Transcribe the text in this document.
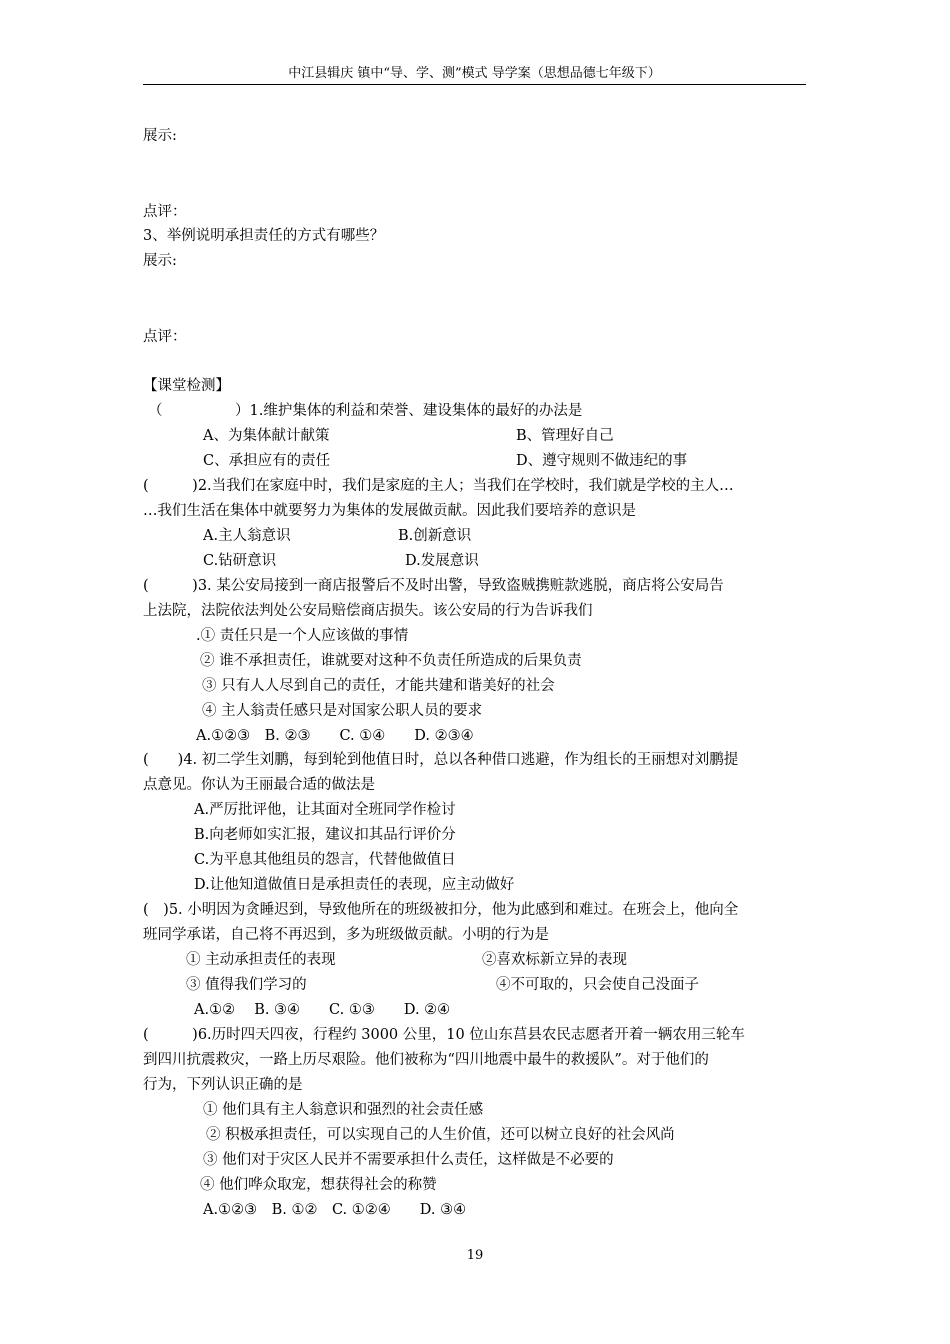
中江县辑庆 镇中“导、学、测”模式 导学案（思想品德七年级下）
展示:
点评：
3、举例说明承担责任的方式有哪些？
展示:
点评：
【课堂检测】
（　　　　　）1.维护集体的利益和荣誉、建设集体的最好的办法是
A、为集体献计献策	B、管理好自己
C、承担应有的责任	D、遵守规则不做违纪的事
(　　　)2.当我们在家庭中时，我们是家庭的主人；当我们在学校时，我们就是学校的主人…
…我们生活在集体中就要努力为集体的发展做贡献。因此我们要培养的意识是
A.主人翁意识	B.创新意识
C.钻研意识	D.发展意识
(　　　)3. 某公安局接到一商店报警后不及时出警，导致盗贼携赃款逃脱，商店将公安局告
上法院，法院依法判处公安局赔偿商店损失。该公安局的行为告诉我们
.① 责任只是一个人应该做的事情
② 谁不承担责任，谁就要对这种不负责任所造成的后果负责
③ 只有人人尽到自己的责任，才能共建和谐美好的社会
④ 主人翁责任感只是对国家公职人员的要求
A.①②③　B. ②③　　C. ①④　　D. ②③④
(　　)4. 初二学生刘鹏，每到轮到他值日时，总以各种借口逃避，作为组长的王丽想对刘鹏提
点意见。你认为王丽最合适的做法是
A.严厉批评他，让其面对全班同学作检讨
B.向老师如实汇报，建议扣其品行评价分
C.为平息其他组员的怨言，代替他做值日
D.让他知道做值日是承担责任的表现，应主动做好
(　)5. 小明因为贪睡迟到，导致他所在的班级被扣分，他为此感到和难过。在班会上，他向全
班同学承诺，自己将不再迟到，多为班级做贡献。小明的行为是
① 主动承担责任的表现	②喜欢标新立异的表现
③ 值得我们学习的	④不可取的，只会使自己没面子
A.①②　 B. ③④　　C. ①③　　D. ②④
(　　　)6.历时四天四夜，行程约 3000 公里，10 位山东莒县农民志愿者开着一辆农用三轮车
到四川抗震救灾，一路上历尽艰险。他们被称为“四川地震中最牛的救援队”。对于他们的
行为，下列认识正确的是
① 他们具有主人翁意识和强烈的社会责任感
② 积极承担责任，可以实现自己的人生价值，还可以树立良好的社会风尚
③ 他们对于灾区人民并不需要承担什么责任，这样做是不必要的
④ 他们哗众取宠，想获得社会的称赞
A.①②③　B. ①②　C. ①②④　　D. ③④
19
